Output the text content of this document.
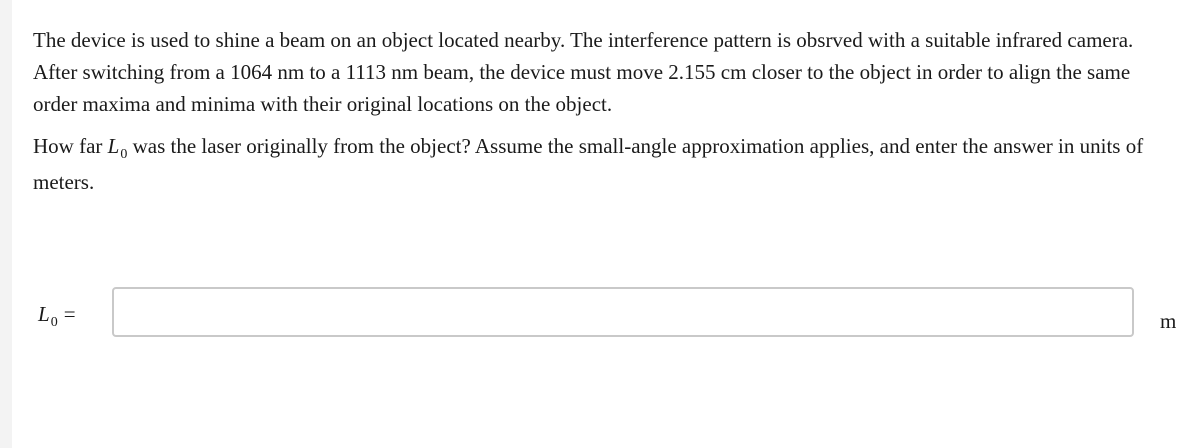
The device is used to shine a beam on an object located nearby. The interference pattern is obsrved with a suitable infrared camera. After switching from a 1064 nm to a 1113 nm beam, the device must move 2.155 cm closer to the object in order to align the same order maxima and minima with their original locations on the object.

How far $L_0$ was the laser originally from the object? Assume the small-angle approximation applies, and enter the answer in units of meters.

$L_0$ =	m
